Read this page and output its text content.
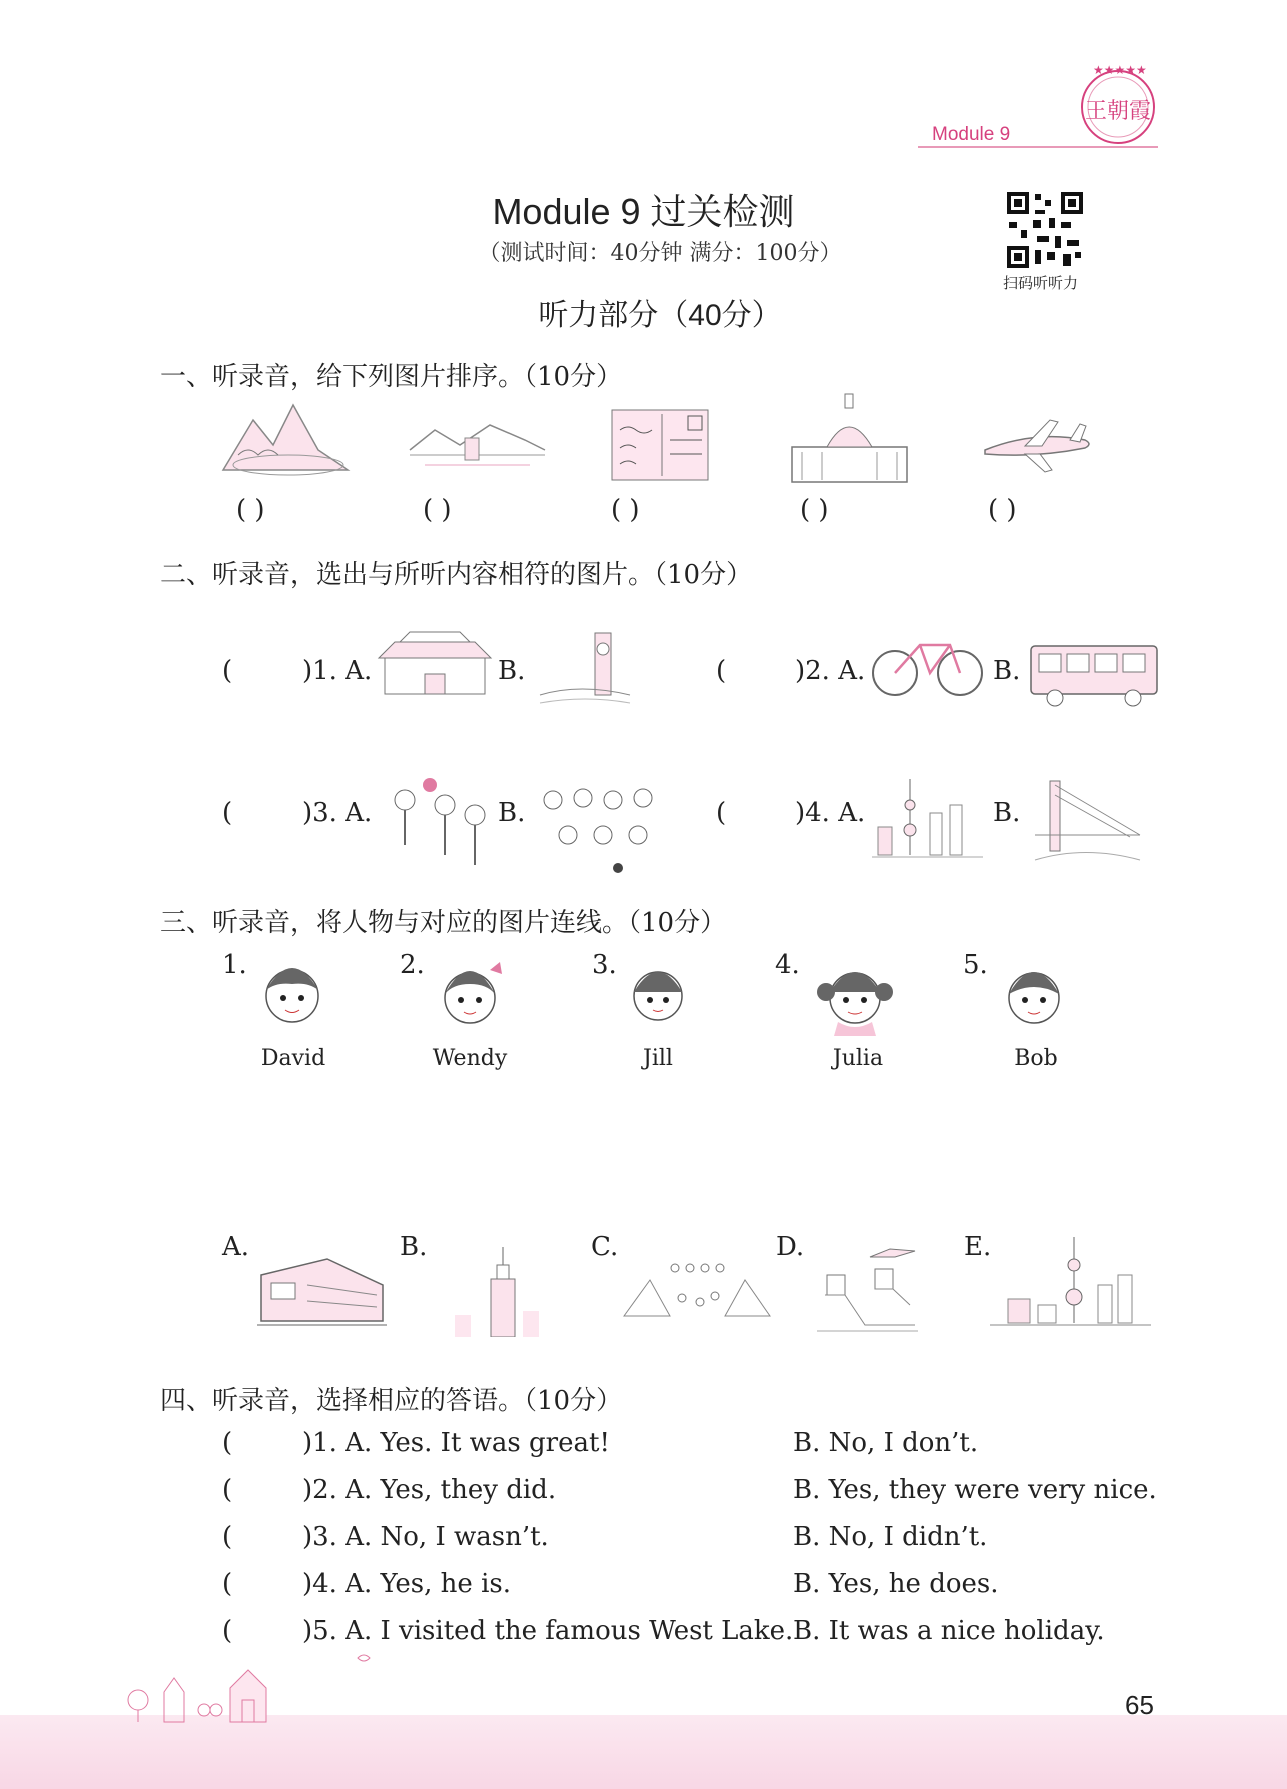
★★★★★
王朝霞
Module 9
Module 9 过关检测
（测试时间：40分钟 满分：100分）
听力部分（40分）
扫码听听力
一、听录音，给下列图片排序。（10分）
( )	( )	( )	( )	( )
二、听录音，选出与所听内容相符的图片。（10分）
(	)1. A.	B.	(	)2. A.	B.
(	)3. A.	B.	(	)4. A.	B.
三、听录音，将人物与对应的图片连线。（10分）
1.
David
2.
Wendy
3.
Jill
4.
Julia
5.
Bob
A.	B.	C.	D.	E.
四、听录音，选择相应的答语。（10分）
(	)1. A. Yes. It was great!	B. No, I don’t.
(	)2. A. Yes, they did.	B. Yes, they were very nice.
(	)3. A. No, I wasn’t.	B. No, I didn’t.
(	)4. A. Yes, he is.	B. Yes, he does.
(	)5. A. I visited the famous West Lake. B. It was a nice holiday.
65
